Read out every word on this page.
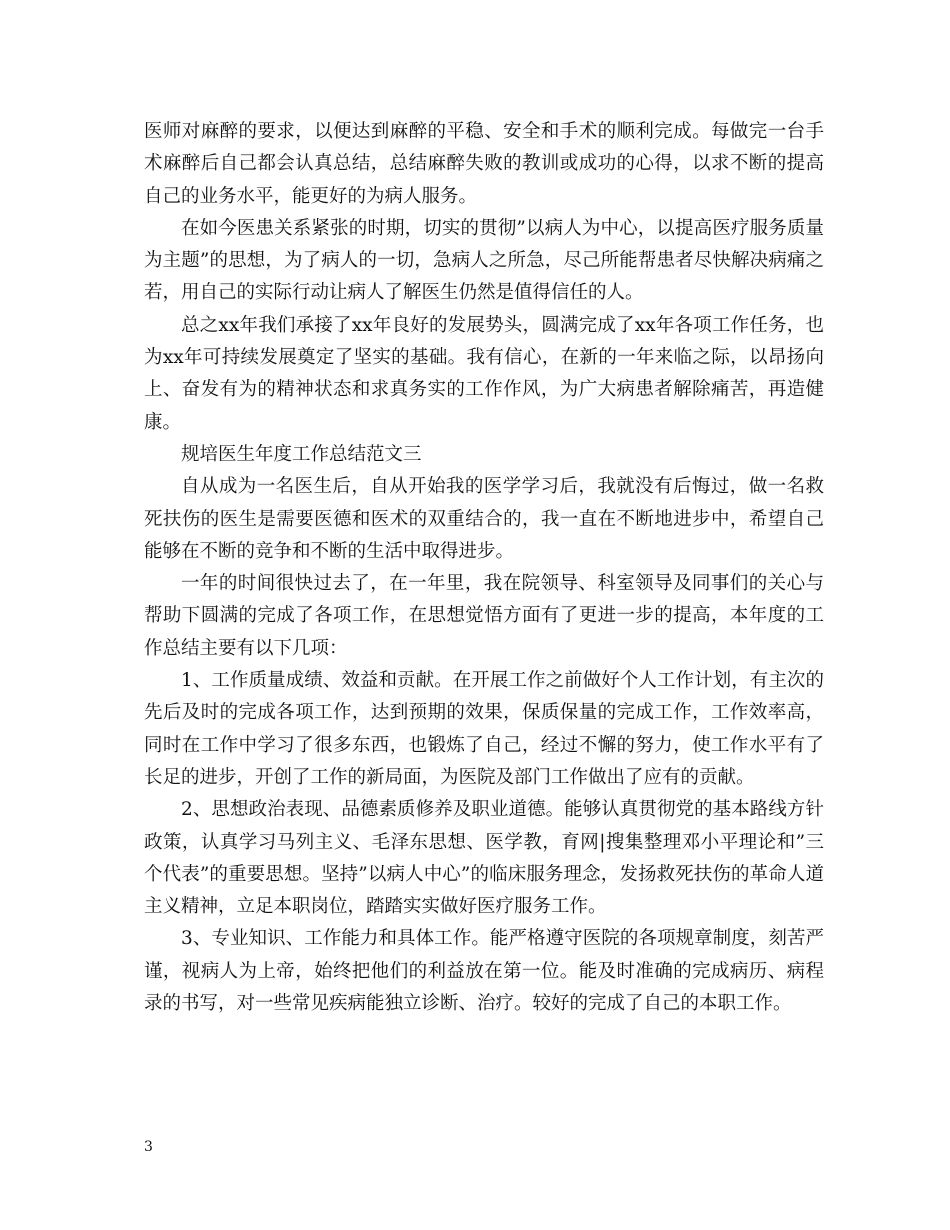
医师对麻醉的要求，以便达到麻醉的平稳、安全和手术的顺利完成。每做完一台手术麻醉后自己都会认真总结，总结麻醉失败的教训或成功的心得，以求不断的提高自己的业务水平，能更好的为病人服务。

在如今医患关系紧张的时期，切实的贯彻”以病人为中心，以提高医疗服务质量为主题”的思想，为了病人的一切，急病人之所急，尽己所能帮患者尽快解决病痛之若，用自己的实际行动让病人了解医生仍然是值得信任的人。

总之xx年我们承接了xx年良好的发展势头，圆满完成了xx年各项工作任务，也为xx年可持续发展奠定了坚实的基础。我有信心，在新的一年来临之际，以昂扬向上、奋发有为的精神状态和求真务实的工作作风，为广大病患者解除痛苦，再造健康。

规培医生年度工作总结范文三

自从成为一名医生后，自从开始我的医学学习后，我就没有后悔过，做一名救死扶伤的医生是需要医德和医术的双重结合的，我一直在不断地进步中，希望自己能够在不断的竞争和不断的生活中取得进步。

一年的时间很快过去了，在一年里，我在院领导、科室领导及同事们的关心与帮助下圆满的完成了各项工作，在思想觉悟方面有了更进一步的提高，本年度的工作总结主要有以下几项：

1、工作质量成绩、效益和贡献。在开展工作之前做好个人工作计划，有主次的先后及时的完成各项工作，达到预期的效果，保质保量的完成工作，工作效率高，同时在工作中学习了很多东西，也锻炼了自己，经过不懈的努力，使工作水平有了长足的进步，开创了工作的新局面，为医院及部门工作做出了应有的贡献。

2、思想政治表现、品德素质修养及职业道德。能够认真贯彻党的基本路线方针政策，认真学习马列主义、毛泽东思想、医学教，育网|搜集整理邓小平理论和”三个代表”的重要思想。坚持”以病人中心”的临床服务理念，发扬救死扶伤的革命人道主义精神，立足本职岗位，踏踏实实做好医疗服务工作。

3、专业知识、工作能力和具体工作。能严格遵守医院的各项规章制度，刻苦严谨，视病人为上帝，始终把他们的利益放在第一位。能及时准确的完成病历、病程录的书写，对一些常见疾病能独立诊断、治疗。较好的完成了自己的本职工作。

3
